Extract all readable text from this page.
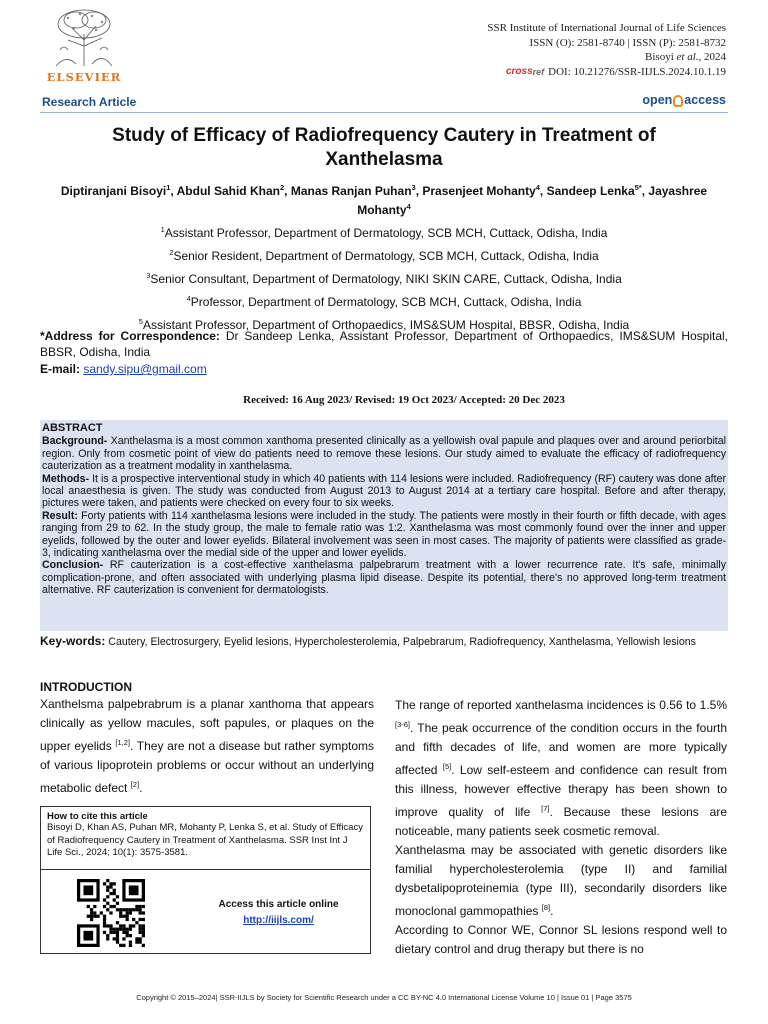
ELSEVIER
SSR Institute of International Journal of Life Sciences
ISSN (O): 2581-8740 | ISSN (P): 2581-8732
Bisoyi et al., 2024
cross ref DOI: 10.21276/SSR-IIJLS.2024.10.1.19
Research Article	open access
Study of Efficacy of Radiofrequency Cautery in Treatment of Xanthelasma
Diptiranjani Bisoyi$^1$, Abdul Sahid Khan$^2$, Manas Ranjan Puhan$^3$, Prasenjeet Mohanty$^4$, Sandeep Lenka$^{5*}$, Jayashree Mohanty$^4$
$^1$Assistant Professor, Department of Dermatology, SCB MCH, Cuttack, Odisha, India
$^2$Senior Resident, Department of Dermatology, SCB MCH, Cuttack, Odisha, India
$^3$Senior Consultant, Department of Dermatology, NIKI SKIN CARE, Cuttack, Odisha, India
$^4$Professor, Department of Dermatology, SCB MCH, Cuttack, Odisha, India
$^5$Assistant Professor, Department of Orthopaedics, IMS&SUM Hospital, BBSR, Odisha, India
*Address for Correspondence: Dr Sandeep Lenka, Assistant Professor, Department of Orthopaedics, IMS&SUM Hospital, BBSR, Odisha, India
E-mail: sandy.sipu@gmail.com
Received: 16 Aug 2023/ Revised: 19 Oct 2023/ Accepted: 20 Dec 2023
ABSTRACT
Background- Xanthelasma is a most common xanthoma presented clinically as a yellowish oval papule and plaques over and around periorbital region. Only from cosmetic point of view do patients need to remove these lesions. Our study aimed to evaluate the efficacy of radiofrequency cauterization as a treatment modality in xanthelasma.
Methods- It is a prospective interventional study in which 40 patients with 114 lesions were included. Radiofrequency (RF) cautery was done after local anaesthesia is given. The study was conducted from August 2013 to August 2014 at a tertiary care hospital. Before and after therapy, pictures were taken, and patients were checked on every four to six weeks.
Result: Forty patients with 114 xanthelasma lesions were included in the study. The patients were mostly in their fourth or fifth decade, with ages ranging from 29 to 62. In the study group, the male to female ratio was 1:2. Xanthelasma was most commonly found over the inner and upper eyelids, followed by the outer and lower eyelids. Bilateral involvement was seen in most cases. The majority of patients were classified as grade-3, indicating xanthelasma over the medial side of the upper and lower eyelids.
Conclusion- RF cauterization is a cost-effective xanthelasma palpebrarum treatment with a lower recurrence rate. It's safe, minimally complication-prone, and often associated with underlying plasma lipid disease. Despite its potential, there's no approved long-term treatment alternative. RF cauterization is convenient for dermatologists.
Key-words: Cautery, Electrosurgery, Eyelid lesions, Hypercholesterolemia, Palpebrarum, Radiofrequency, Xanthelasma, Yellowish lesions
INTRODUCTION

Xanthelsma palpebrabrum is a planar xanthoma that appears clinically as yellow macules, soft papules, or plaques on the upper eyelids [1,2]. They are not a disease but rather symptoms of various lipoprotein problems or occur without an underlying metabolic defect [2].

How to cite this article
Bisoyi D, Khan AS, Puhan MR, Mohanty P, Lenka S, et al. Study of Efficacy of Radiofrequency Cautery in Treatment of Xanthelasma. SSR Inst Int J Life Sci., 2024; 10(1): 3575-3581.
Access this article online
http://iijls.com/

The range of reported xanthelasma incidences is 0.56 to 1.5% [3-6]. The peak occurrence of the condition occurs in the fourth and fifth decades of life, and women are more typically affected [5]. Low self-esteem and confidence can result from this illness, however effective therapy has been shown to improve quality of life [7]. Because these lesions are noticeable, many patients seek cosmetic removal.

Xanthelasma may be associated with genetic disorders like familial hypercholesterolemia (type II) and familial dysbetalipoproteinemia (type III), secondarily disorders like monoclonal gammopathies [8].

According to Connor WE, Connor SL lesions respond well to dietary control and drug therapy but there is no

Copyright © 2015–2024| SSR-IIJLS by Society for Scientific Research under a CC BY-NC 4.0 International License Volume 10 | Issue 01 | Page 3575
